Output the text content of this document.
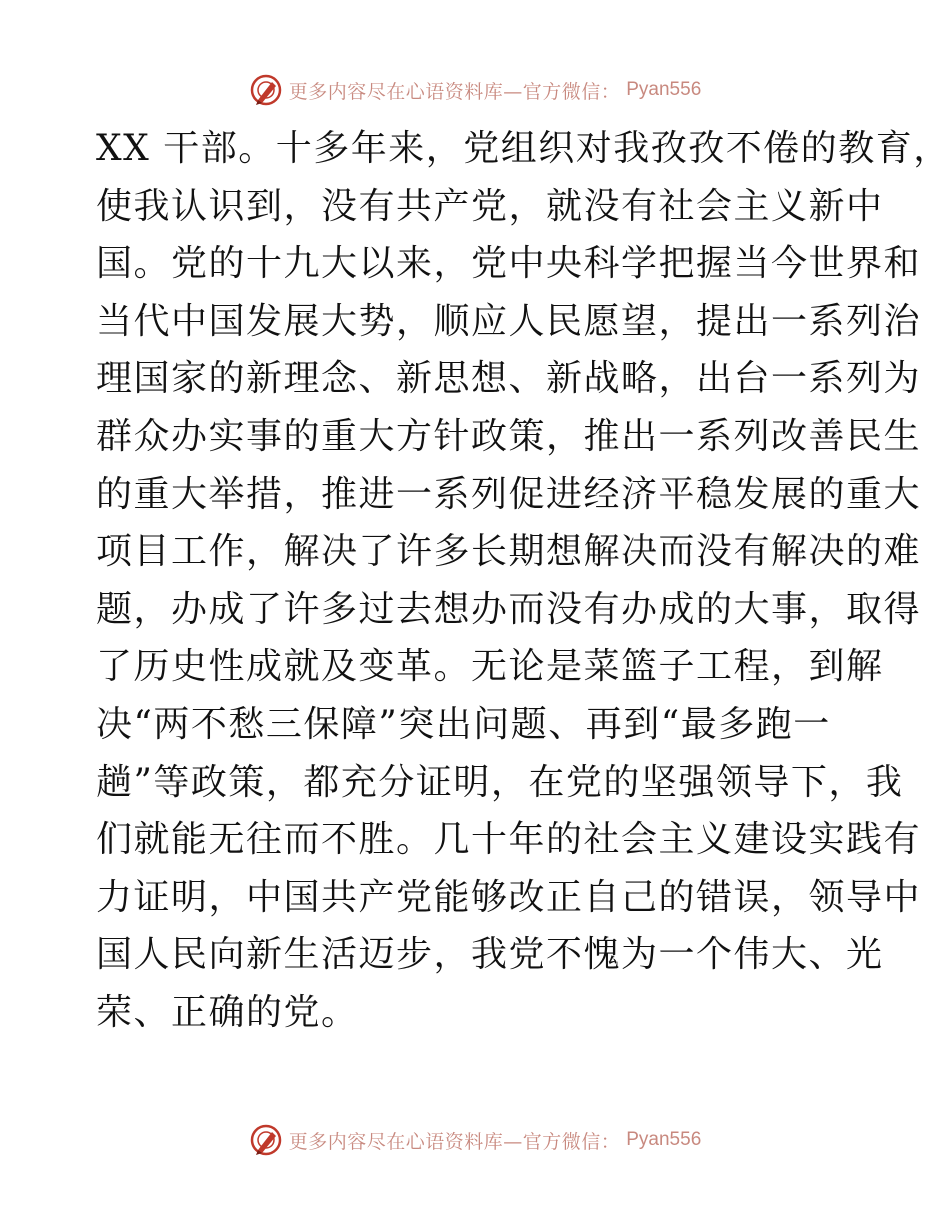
更多内容尽在心语资料库—官方微信： Pyan556
XX 干部。十多年来，党组织对我孜孜不倦的教育，
使我认识到，没有共产党，就没有社会主义新中
国。党的十九大以来，党中央科学把握当今世界和
当代中国发展大势，顺应人民愿望，提出一系列治
理国家的新理念、新思想、新战略，出台一系列为
群众办实事的重大方针政策，推出一系列改善民生
的重大举措，推进一系列促进经济平稳发展的重大
项目工作，解决了许多长期想解决而没有解决的难
题，办成了许多过去想办而没有办成的大事，取得
了历史性成就及变革。无论是菜篮子工程，到解
决“两不愁三保障”突出问题、再到“最多跑一
趟”等政策，都充分证明，在党的坚强领导下，我
们就能无往而不胜。几十年的社会主义建设实践有
力证明，中国共产党能够改正自己的错误，领导中
国人民向新生活迈步，我党不愧为一个伟大、光
荣、正确的党。
更多内容尽在心语资料库—官方微信： Pyan556
